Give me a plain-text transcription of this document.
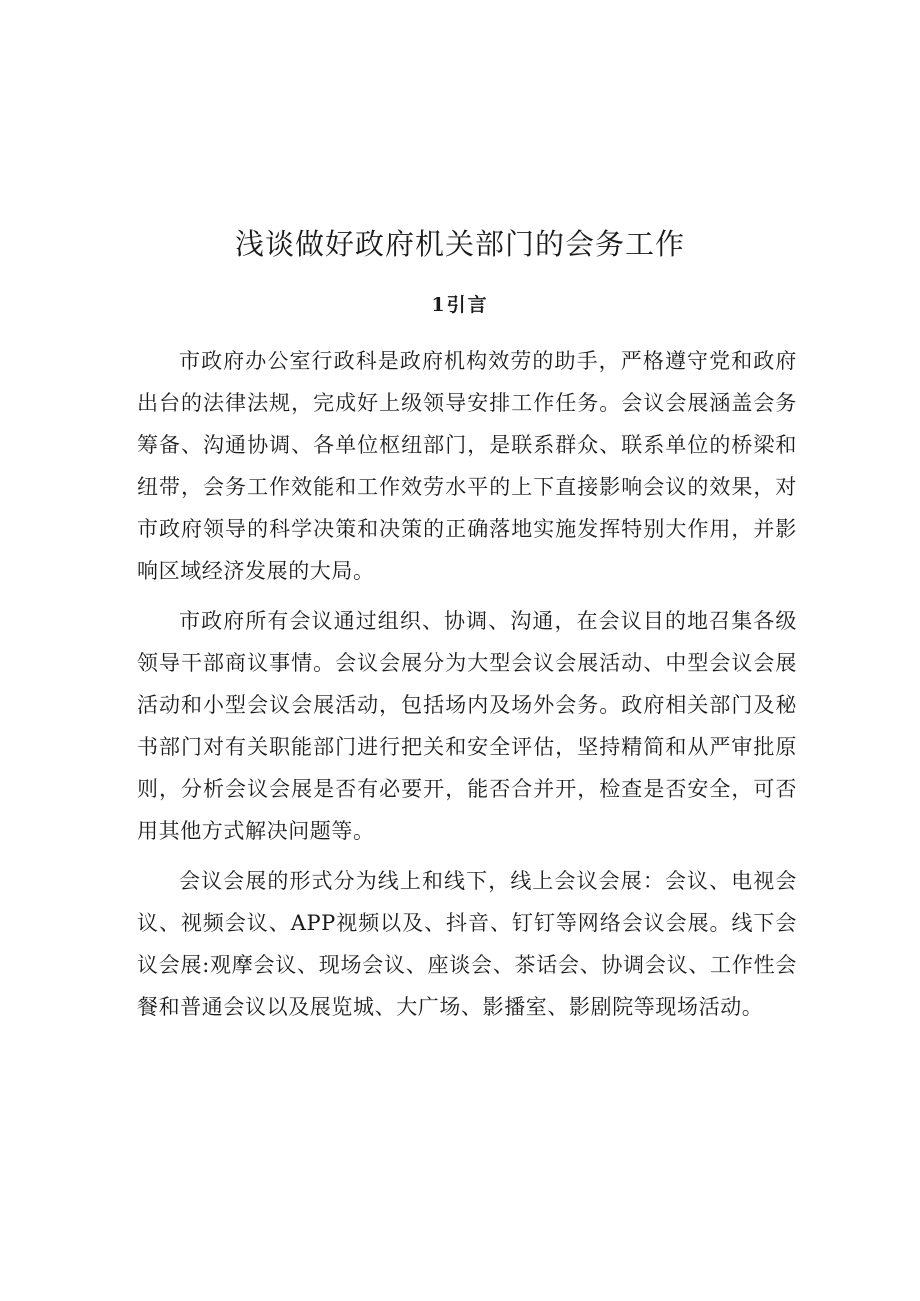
浅谈做好政府机关部门的会务工作
1引言

市政府办公室行政科是政府机构效劳的助手，严格遵守党和政府出台的法律法规，完成好上级领导安排工作任务。会议会展涵盖会务筹备、沟通协调、各单位枢纽部门，是联系群众、联系单位的桥梁和纽带，会务工作效能和工作效劳水平的上下直接影响会议的效果，对市政府领导的科学决策和决策的正确落地实施发挥特别大作用，并影响区域经济发展的大局。

市政府所有会议通过组织、协调、沟通，在会议目的地召集各级领导干部商议事情。会议会展分为大型会议会展活动、中型会议会展活动和小型会议会展活动，包括场内及场外会务。政府相关部门及秘书部门对有关职能部门进行把关和安全评估，坚持精简和从严审批原则，分析会议会展是否有必要开，能否合并开，检查是否安全，可否用其他方式解决问题等。

会议会展的形式分为线上和线下，线上会议会展：会议、电视会议、视频会议、APP视频以及、抖音、钉钉等网络会议会展。线下会议会展:观摩会议、现场会议、座谈会、茶话会、协调会议、工作性会餐和普通会议以及展览城、大广场、影播室、影剧院等现场活动。
